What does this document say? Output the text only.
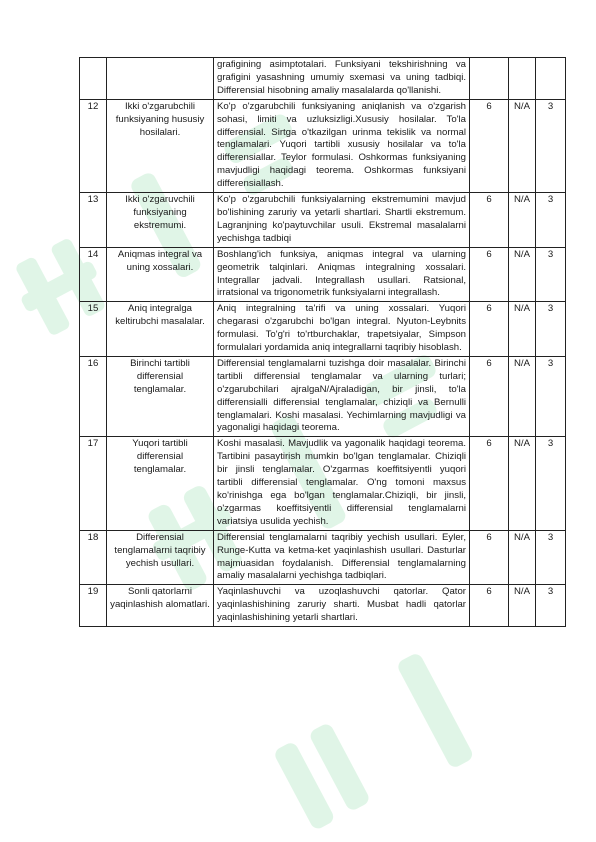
		grafigining asimptotalari. Funksiyani tekshirishning va grafigini yasashning umumiy sxemasi va uning tadbiqi. Differensial hisobning amaliy masalalarda qo'llanishi.			
12	Ikki o'zgarubchili funksiyaning hususiy hosilalari.	Ko'p o'zgarubchili funksiyaning aniqlanish va o'zgarish sohasi, limiti va uzluksizligi.Xususiy hosilalar. To'la differensial. Sirtga o'tkazilgan urinma tekislik va normal tenglamalari. Yuqori tartibli xususiy hosilalar va to'la differensiallar. Teylor formulasi. Oshkormas funksiyaning mavjudligi haqidagi teorema. Oshkormas funksiyani differensiallash.	6	N/A	3
13	Ikki o'zgaruvchili funksiyaning ekstremumi.	Ko'p o'zgarubchili funksiyalarning ekstremumini mavjud bo'lishining zaruriy va yetarli shartlari. Shartli ekstremum. Lagranjning ko'paytuvchilar usuli. Ekstremal masalalarni yechishga tadbiqi	6	N/A	3
14	Aniqmas integral va uning xossalari.	Boshlang'ich funksiya, aniqmas integral va ularning geometrik talqinlari. Aniqmas integralning xossalari. Integrallar jadvali. Integrallash usullari. Ratsional, irratsional va trigonometrik funksiyalarni integrallash.	6	N/A	3
15	Aniq integralga keltirubchi masalalar.	Aniq integralning ta'rifi va uning xossalari. Yuqori chegarasi o'zgarubchi bo'lgan integral. Nyuton-Leybnits formulasi. To'g'ri to'rtburchaklar, trapetsiyalar, Simpson formulalari yordamida aniq integrallarni taqribiy hisoblash.	6	N/A	3
16	Birinchi tartibli differensial tenglamalar.	Differensial tenglamalarni tuzishga doir masalalar. Birinchi tartibli differensial tenglamalar va ularning turlari; o'zgarubchilari ajralgaN/Ajraladigan, bir jinsli, to'la differensialli differensial tenglamalar, chiziqli va Bernulli tenglamalari. Koshi masalasi. Yechimlarning mavjudligi va yagonaligi haqidagi teorema.	6	N/A	3
17	Yuqori tartibli differensial tenglamalar.	Koshi masalasi. Mavjudlik va yagonalik haqidagi teorema. Tartibini pasaytirish mumkin bo'lgan tenglamalar. Chiziqli bir jinsli tenglamalar. O'zgarmas koeffitsiyentli yuqori tartibli differensial tenglamalar. O'ng tomoni maxsus ko'rinishga ega bo'lgan tenglamalar.Chiziqli, bir jinsli, o'zgarmas koeffitsiyentli differensial tenglamalarni variatsiya usulida yechish.	6	N/A	3
18	Differensial tenglamalarni taqribiy yechish usullari.	Differensial tenglamalarni taqribiy yechish usullari. Eyler, Runge-Kutta va ketma-ket yaqinlashish usullari. Dasturlar majmuasidan foydalanish. Differensial tenglamalarning amaliy masalalarni yechishga tadbiqlari.	6	N/A	3
19	Sonli qatorlarni yaqinlashish alomatlari.	Yaqinlashuvchi va uzoqlashuvchi qatorlar. Qator yaqinlashishining zaruriy sharti. Musbat hadli qatorlar yaqinlashishining yetarli shartlari.	6	N/A	3
